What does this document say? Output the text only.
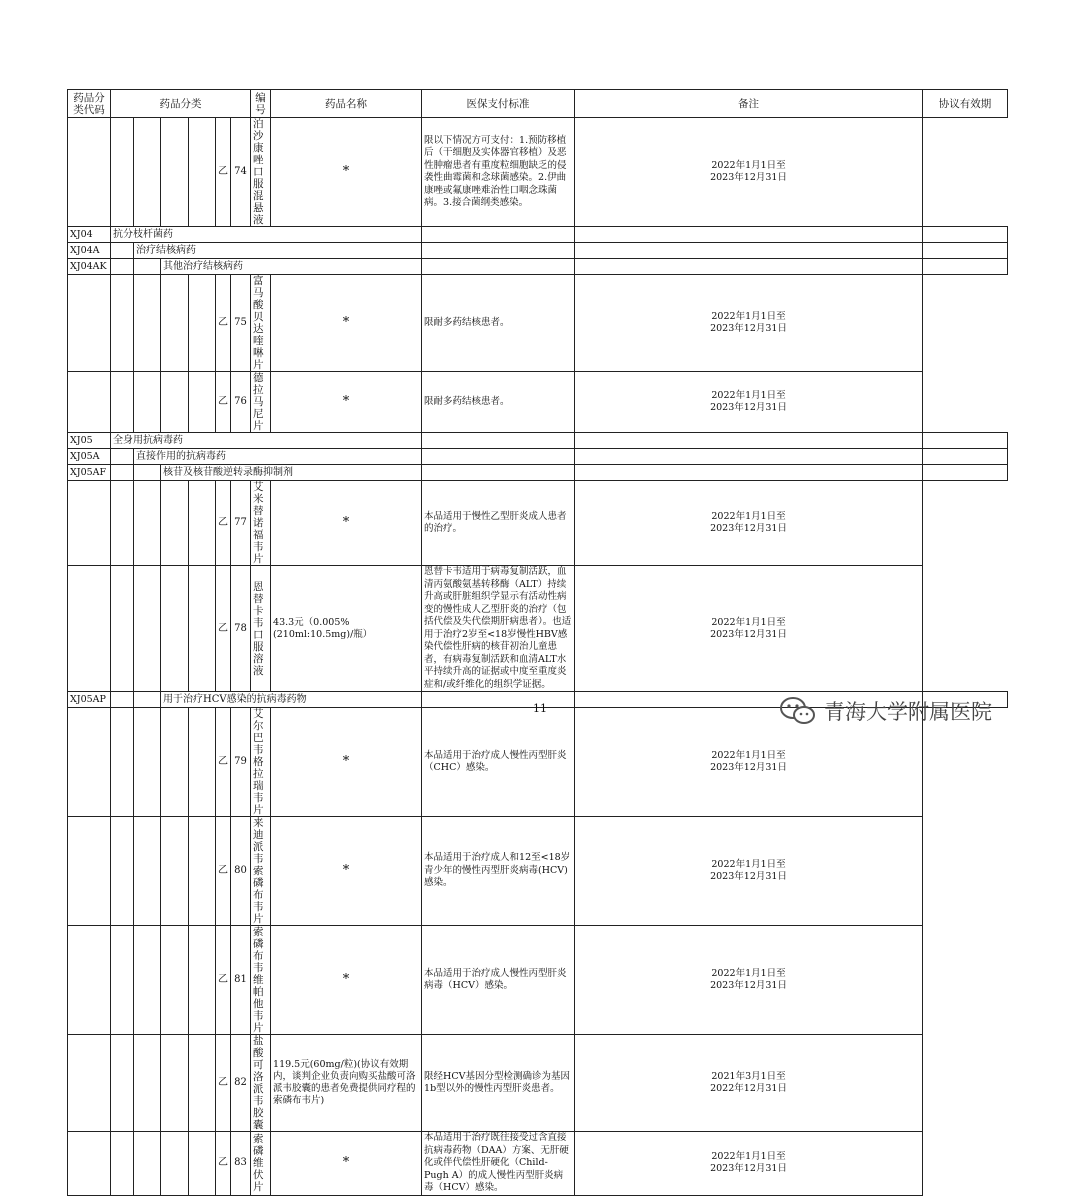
药品分类代码	药品分类						编号	药品名称	医保支付标准	备注	协议有效期
					乙	74	泊沙康唑口服混悬液	*	限以下情况方可支付：1.预防移植后（干细胞及实体器官移植）及恶性肿瘤患者有重度粒细胞缺乏的侵袭性曲霉菌和念球菌感染。2.伊曲康唑或氟康唑难治性口咽念珠菌病。3.接合菌纲类感染。	2022年1月1日至
2023年12月31日	

XJ04	抗分枝杆菌药										
XJ04A		治疗结核病药									
XJ04AK			其他治疗结核病药								
					乙	75	富马酸贝达喹啉片	*	限耐多药结核患者。	2022年1月1日至
2023年12月31日	

					乙	76	德拉马尼片	*	限耐多药结核患者。	2022年1月1日至
2023年12月31日	

XJ05	全身用抗病毒药										
XJ05A		直接作用的抗病毒药									
XJ05AF			核苷及核苷酸逆转录酶抑制剂								
					乙	77	艾米替诺福韦片	*	本品适用于慢性乙型肝炎成人患者的治疗。	2022年1月1日至
2023年12月31日	

					乙	78	恩替卡韦口服溶液	43.3元（0.005%(210ml:10.5mg)/瓶）	恩替卡韦适用于病毒复制活跃，血清丙氨酸氨基转移酶（ALT）持续升高或肝脏组织学显示有活动性病变的慢性成人乙型肝炎的治疗（包括代偿及失代偿期肝病患者）。也适用于治疗2岁至<18岁慢性HBV感染代偿性肝病的核苷初治儿童患者，有病毒复制活跃和血清ALT水平持续升高的证据或中度至重度炎症和/或纤维化的组织学证据。	2022年1月1日至
2023年12月31日	

XJ05AP			用于治疗HCV感染的抗病毒药物								
					乙	79	艾尔巴韦格拉瑞韦片	*	本品适用于治疗成人慢性丙型肝炎（CHC）感染。	2022年1月1日至
2023年12月31日	

					乙	80	来迪派韦索磷布韦片	*	本品适用于治疗成人和12至<18岁青少年的慢性丙型肝炎病毒(HCV)感染。	2022年1月1日至
2023年12月31日	

					乙	81	索磷布韦维帕他韦片	*	本品适用于治疗成人慢性丙型肝炎病毒（HCV）感染。	2022年1月1日至
2023年12月31日	

					乙	82	盐酸可洛派韦胶囊	119.5元(60mg/粒)(协议有效期内，谈判企业负责向购买盐酸可洛派韦胶囊的患者免费提供同疗程的索磷布韦片)	限经HCV基因分型检测确诊为基因1b型以外的慢性丙型肝炎患者。	2021年3月1日至
2022年12月31日	

					乙	83	索磷维伏片	*	本品适用于治疗既往接受过含直接抗病毒药物（DAA）方案、无肝硬化或伴代偿性肝硬化（Child-Pugh A）的成人慢性丙型肝炎病毒（HCV）感染。	2022年1月1日至
2023年12月31日	
11	青海大学附属医院
